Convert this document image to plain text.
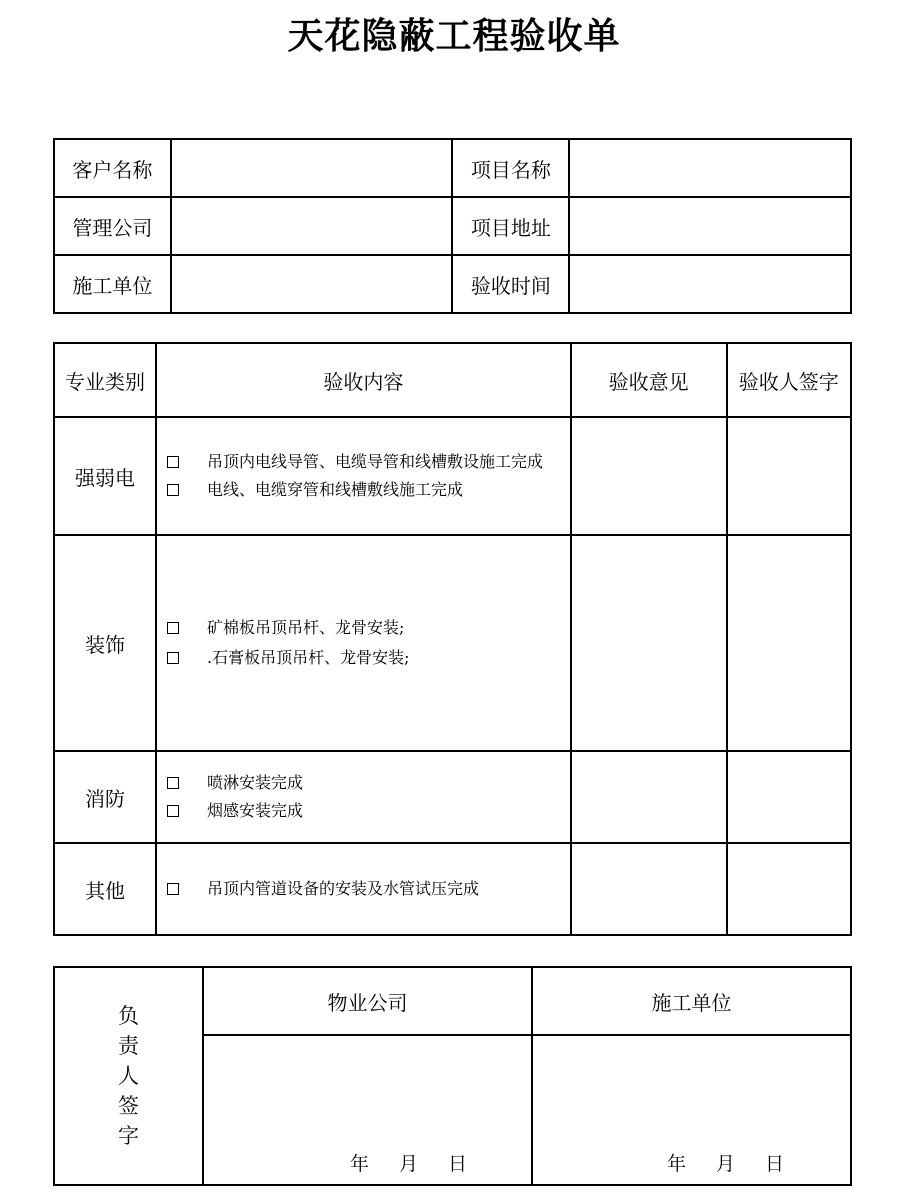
天花隐蔽工程验收单
客户名称		项目名称	
管理公司		项目地址	
施工单位		验收时间	
专业类别	验收内容	验收意见	验收人签字
强弱电	吊顶内电线导管、电缆导管和线槽敷设施工完成
电线、电缆穿管和线槽敷线施工完成		

装饰	矿棉板吊顶吊杆、龙骨安装;
.石膏板吊顶吊杆、龙骨安装;		

消防	喷淋安装完成
烟感安装完成		

其他	吊顶内管道设备的安装及水管试压完成		

负责人签字	物业公司	施工单位

	年 月 日	年 月 日
